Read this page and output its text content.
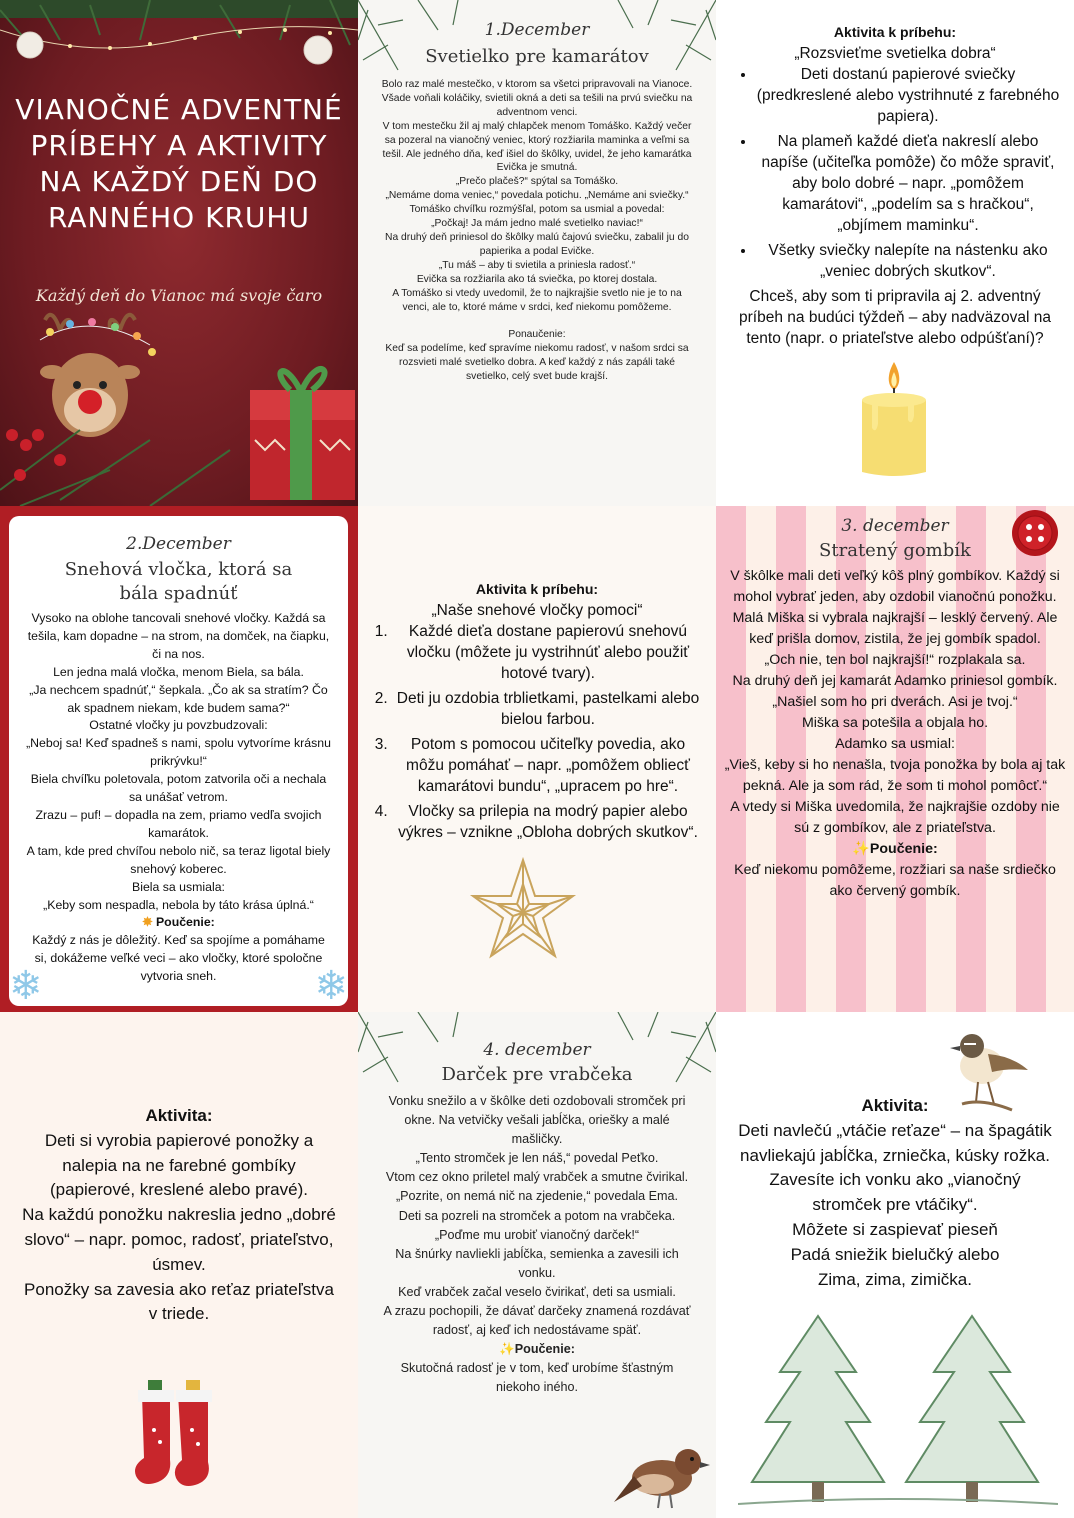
VIANOČNÉ ADVENTNÉ PRÍBEHY A AKTIVITY NA KAŽDÝ DEŇ DO RANNÉHO KRUHU
Každý deň do Vianoc má svoje čaro
1.December
Svetielko pre kamarátov

Bolo raz malé mestečko, v ktorom sa všetci pripravovali na Vianoce. Všade voňali koláčiky, svietili okná a deti sa tešili na prvú sviečku na adventnom venci.

V tom mestečku žil aj malý chlapček menom Tomáško. Každý večer sa pozeral na vianočný veniec, ktorý rozžiarila maminka a veľmi sa tešil. Ale jedného dňa, keď išiel do škôlky, uvidel, že jeho kamarátka Evička je smutná.

„Prečo plačeš?“ spýtal sa Tomáško.

„Nemáme doma veniec,“ povedala potichu. „Nemáme ani sviečky.“

Tomáško chvíľku rozmýšľal, potom sa usmial a povedal:

„Počkaj! Ja mám jedno malé svetielko naviac!“

Na druhý deň priniesol do škôlky malú čajovú sviečku, zabalil ju do papierika a podal Evičke.

„Tu máš – aby ti svietila a priniesla radosť.“

Evička sa rozžiarila ako tá sviečka, po ktorej dostala.

A Tomáško si vtedy uvedomil, že to najkrajšie svetlo nie je to na venci, ale to, ktoré máme v srdci, keď niekomu pomôžeme.

Ponaučenie:

Keď sa podelíme, keď spravíme niekomu radosť, v našom srdci sa rozsvieti malé svetielko dobra. A keď každý z nás zapáli také svetielko, celý svet bude krajší.

Aktivita k príbehu:
„Rozsvieťme svetielka dobra“
• Deti dostanú papierové sviečky (predkreslené alebo vystrihnuté z farebného papiera).
• Na plameň každé dieťa nakreslí alebo napíše (učiteľka pomôže) čo môže spraviť, aby bolo dobré – napr. „pomôžem kamarátovi“, „podelím sa s hračkou“, „objímem maminku“.
• Všetky sviečky nalepíte na nástenku ako „veniec dobrých skutkov“.
Chceš, aby som ti pripravila aj 2. adventný príbeh na budúci týždeň – aby nadväzoval na tento (napr. o priateľstve alebo odpúšťaní)?
2.December
Snehová vločka, ktorá sa bála spadnúť

Vysoko na oblohe tancovali snehové vločky. Každá sa tešila, kam dopadne – na strom, na domček, na čiapku, či na nos.

Len jedna malá vločka, menom Biela, sa bála.

„Ja nechcem spadnúť,“ šepkala. „Čo ak sa stratím? Čo ak spadnem niekam, kde budem sama?“

Ostatné vločky ju povzbudzovali:

„Neboj sa! Keď spadneš s nami, spolu vytvoríme krásnu prikrývku!“

Biela chvíľku poletovala, potom zatvorila oči a nechala sa unášať vetrom.

Zrazu – puf! – dopadla na zem, priamo vedľa svojich kamarátok.

A tam, kde pred chvíľou nebolo nič, sa teraz ligotal biely snehový koberec.

Biela sa usmiala:

„Keby som nespadla, nebola by táto krása úplná.“

✸ Poučenie:

Každý z nás je dôležitý. Keď sa spojíme a pomáhame si, dokážeme veľké veci – ako vločky, ktoré spoločne vytvoria sneh.

❄	❄
Aktivita k príbehu:
„Naše snehové vločky pomoci“
1. Každé dieťa dostane papierovú snehovú vločku (môžete ju vystrihnúť alebo použiť hotové tvary).
2. Deti ju ozdobia trblietkami, pastelkami alebo bielou farbou.
3. Potom s pomocou učiteľky povedia, ako môžu pomáhať – napr. „pomôžem obliecť kamarátovi bundu“, „upracem po hre“.
4. Vločky sa prilepia na modrý papier alebo výkres – vznikne „Obloha dobrých skutkov“.
3. december
Stratený gombík

V škôlke mali deti veľký kôš plný gombíkov. Každý si mohol vybrať jeden, aby ozdobil vianočnú ponožku.

Malá Miška si vybrala najkrajší – lesklý červený. Ale keď prišla domov, zistila, že jej gombík spadol.

„Och nie, ten bol najkrajší!“ rozplakala sa.

Na druhý deň jej kamarát Adamko priniesol gombík.

„Našiel som ho pri dverách. Asi je tvoj.“

Miška sa potešila a objala ho.

Adamko sa usmial:

„Vieš, keby si ho nenašla, tvoja ponožka by bola aj tak pekná. Ale ja som rád, že som ti mohol pomôcť.“

A vtedy si Miška uvedomila, že najkrajšie ozdoby nie sú z gombíkov, ale z priateľstva.

✨Poučenie:

Keď niekomu pomôžeme, rozžiari sa naše srdiečko ako červený gombík.

Aktivita:
Deti si vyrobia papierové ponožky a nalepia na ne farebné gombíky (papierové, kreslené alebo pravé).
Na každú ponožku nakreslia jedno „dobré slovo“ – napr. pomoc, radosť, priateľstvo, úsmev.
Ponožky sa zavesia ako reťaz priateľstva v triede.
4. december
Darček pre vrabčeka

Vonku snežilo a v škôlke deti ozdobovali stromček pri okne. Na vetvičky vešali jabĺčka, oriešky a malé mašličky.

„Tento stromček je len náš,“ povedal Peťko.

Vtom cez okno priletel malý vrabček a smutne čvirikal.

„Pozrite, on nemá nič na zjedenie,“ povedala Ema.

Deti sa pozreli na stromček a potom na vrabčeka.

„Poďme mu urobiť vianočný darček!“

Na šnúrky navliekli jabĺčka, semienka a zavesili ich vonku.

Keď vrabček začal veselo čvirikať, deti sa usmiali.

A zrazu pochopili, že dávať darčeky znamená rozdávať radosť, aj keď ich nedostávame späť.

✨Poučenie:

Skutočná radosť je v tom, keď urobíme šťastným niekoho iného.

Aktivita:
Deti navlečú „vtáčie reťaze“ – na špagátik navliekajú jabĺčka, zrniečka, kúsky rožka.
Zavesíte ich vonku ako „vianočný stromček pre vtáčiky“.
Môžete si zaspievať pieseň
Padá sniežik bielučký alebo
Zima, zima, zimička.
